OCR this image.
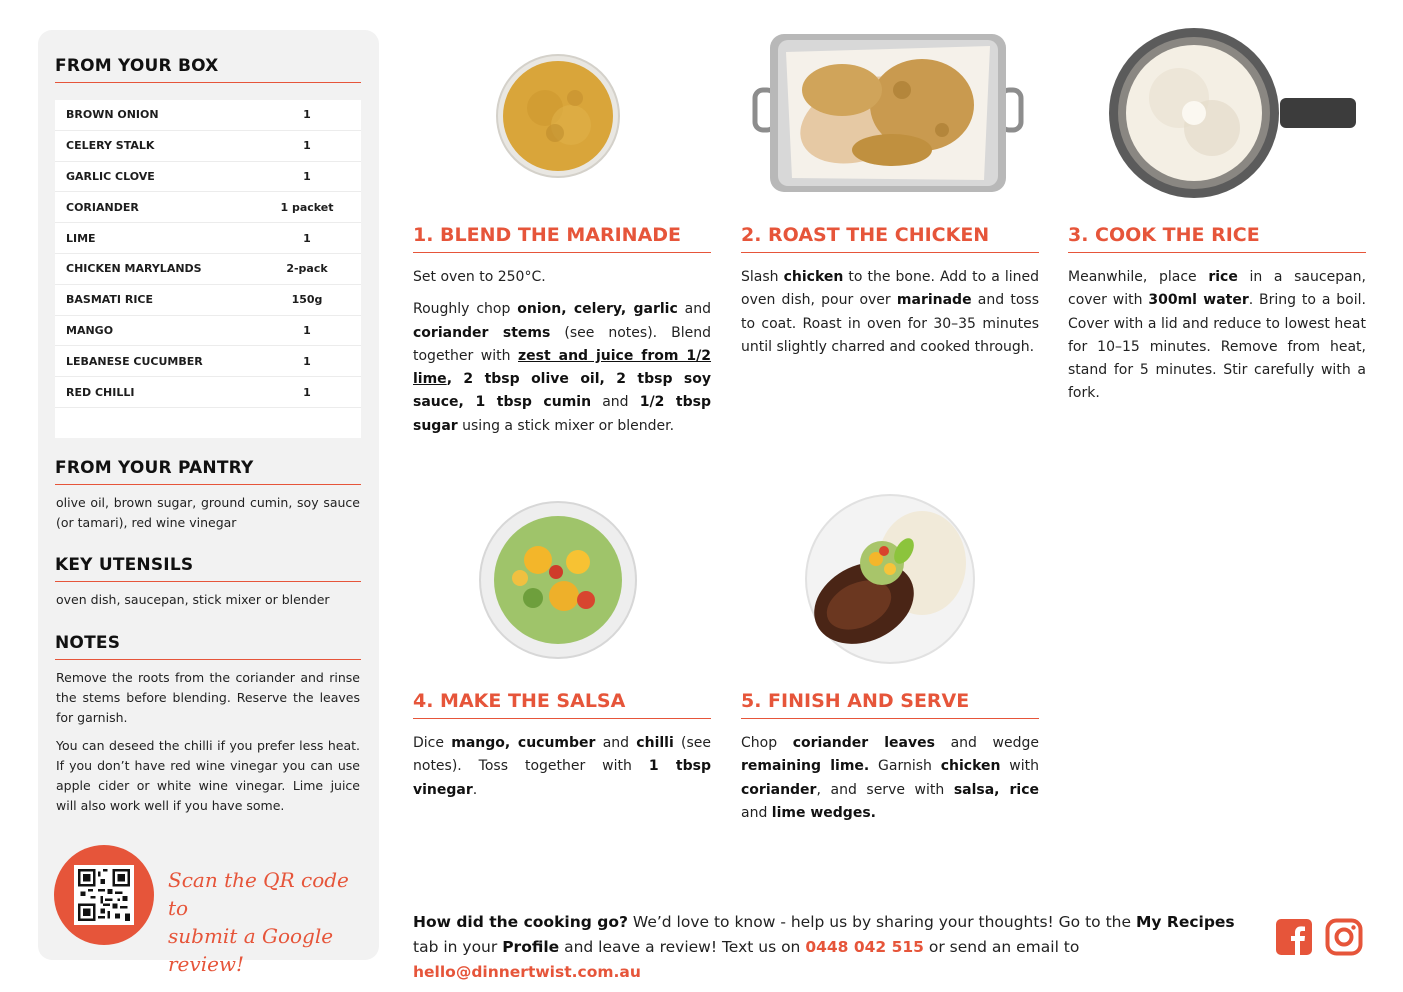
FROM YOUR BOX
BROWN ONION	1
CELERY STALK	1
GARLIC CLOVE	1
CORIANDER	1 packet
LIME	1
CHICKEN MARYLANDS	2-pack
BASMATI RICE	150g
MANGO	1
LEBANESE CUCUMBER	1
RED CHILLI	1
FROM YOUR PANTRY
olive oil, brown sugar, ground cumin, soy sauce (or tamari), red wine vinegar
KEY UTENSILS
oven dish, saucepan, stick mixer or blender
NOTES
Remove the roots from the coriander and rinse the stems before blending. Reserve the leaves for garnish.
You can deseed the chilli if you prefer less heat. If you don’t have red wine vinegar you can use apple cider or white wine vinegar. Lime juice will also work well if you have some.
Scan the QR code to
submit a Google review!
1. BLEND THE MARINADE

Set oven to 250°C.

Roughly chop onion, celery, garlic and coriander stems (see notes). Blend together with zest and juice from 1/2 lime, 2 tbsp olive oil, 2 tbsp soy sauce, 1 tbsp cumin and 1/2 tbsp sugar using a stick mixer or blender.

2. ROAST THE CHICKEN

Slash chicken to the bone. Add to a lined oven dish, pour over marinade and toss to coat. Roast in oven for 30–35 minutes until slightly charred and cooked through.

3. COOK THE RICE

Meanwhile, place rice in a saucepan, cover with 300ml water. Bring to a boil. Cover with a lid and reduce to lowest heat for 10–15 minutes. Remove from heat, stand for 5 minutes. Stir carefully with a fork.

4. MAKE THE SALSA

Dice mango, cucumber and chilli (see notes). Toss together with 1 tbsp vinegar.

5. FINISH AND SERVE

Chop coriander leaves and wedge remaining lime. Garnish chicken with coriander, and serve with salsa, rice and lime wedges.

How did the cooking go? We’d love to know - help us by sharing your thoughts! Go to the My Recipes tab in your Profile and leave a review! Text us on 0448 042 515 or send an email to hello@dinnertwist.com.au
